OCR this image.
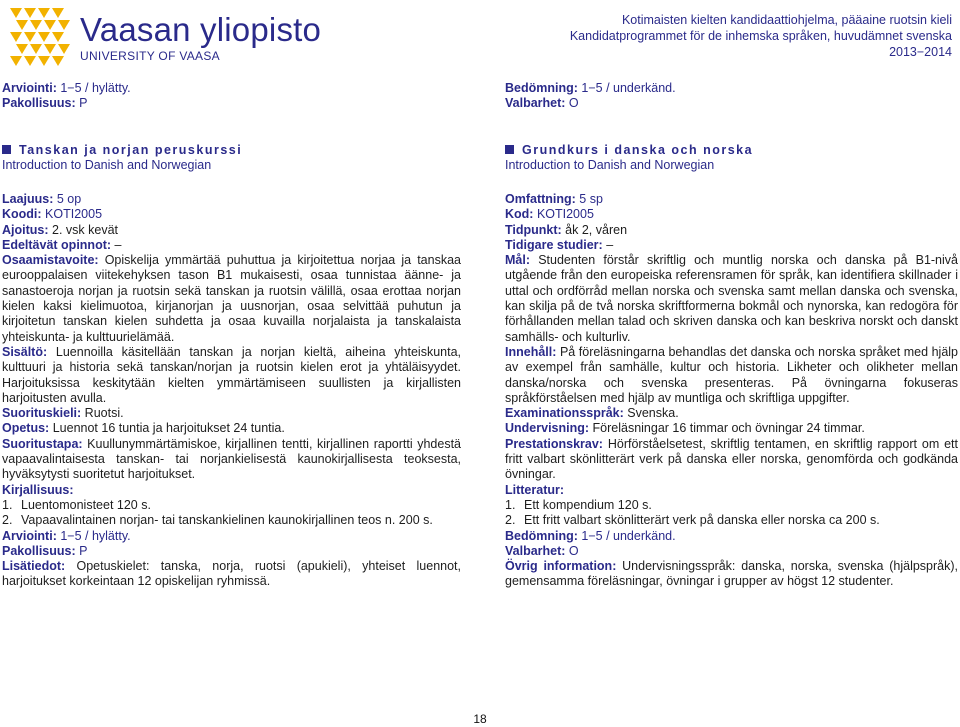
Vaasan yliopisto
UNIVERSITY OF VAASA
Kotimaisten kielten kandidaattiohjelma, pääaine ruotsin kieli
Kandidatprogrammet för de inhemska språken, huvudämnet svenska
2013−2014
Arviointi: 1−5 / hylätty.
Pakollisuus: P
Tanskan ja norjan peruskurssi
Introduction to Danish and Norwegian
Laajuus: 5 op
Koodi: KOTI2005
Ajoitus: 2. vsk kevät
Edeltävät opinnot: –
Osaamistavoite: Opiskelija ymmärtää puhuttua ja kirjoitettua norjaa ja tanskaa eurooppalaisen viitekehyksen tason B1 mukaisesti, osaa tunnistaa äänne- ja sanastoeroja norjan ja ruotsin sekä tanskan ja ruotsin välillä, osaa erottaa norjan kielen kaksi kielimuotoa, kirjanorjan ja uusnorjan, osaa selvittää puhutun ja kirjoitetun tanskan kielen suhdetta ja osaa kuvailla norjalaista ja tanskalaista yhteiskunta- ja kulttuurielämää.
Sisältö: Luennoilla käsitellään tanskan ja norjan kieltä, aiheina yhteiskunta, kulttuuri ja historia sekä tanskan/norjan ja ruotsin kielen erot ja yhtäläisyydet. Harjoituksissa keskitytään kielten ymmärtämiseen suullisten ja kirjallisten harjoitusten avulla.
Suorituskieli: Ruotsi.
Opetus: Luennot 16 tuntia ja harjoitukset 24 tuntia.
Suoritustapa: Kuullunymmärtämiskoe, kirjallinen tentti, kirjallinen raportti yhdestä vapaavalintaisesta tanskan- tai norjankielisestä kaunokirjallisesta teoksesta, hyväksytysti suoritetut harjoitukset.
Kirjallisuus:
1. Luentomonisteet 120 s.
2. Vapaavalintainen norjan- tai tanskankielinen kaunokirjallinen teos n. 200 s.
Arviointi: 1−5 / hylätty.
Pakollisuus: P
Lisätiedot: Opetuskielet: tanska, norja, ruotsi (apukieli), yhteiset luennot, harjoitukset korkeintaan 12 opiskelijan ryhmissä.
Bedömning: 1−5 / underkänd.
Valbarhet: O
Grundkurs i danska och norska
Introduction to Danish and Norwegian
Omfattning: 5 sp
Kod: KOTI2005
Tidpunkt: åk 2, våren
Tidigare studier: –
Mål: Studenten förstår skriftlig och muntlig norska och danska på B1-nivå utgående från den europeiska referensramen för språk, kan identifiera skillnader i uttal och ordförråd mellan norska och svenska samt mellan danska och svenska, kan skilja på de två norska skriftformerna bokmål och nynorska, kan redogöra för förhållanden mellan talad och skriven danska och kan beskriva norskt och danskt samhälls- och kulturliv.
Innehåll: På föreläsningarna behandlas det danska och norska språket med hjälp av exempel från samhälle, kultur och historia. Likheter och olikheter mellan danska/norska och svenska presenteras. På övningarna fokuseras språkförståelsen med hjälp av muntliga och skriftliga uppgifter.
Examinationsspråk: Svenska.
Undervisning: Föreläsningar 16 timmar och övningar 24 timmar.
Prestationskrav: Hörförståelsetest, skriftlig tentamen, en skriftlig rapport om ett fritt valbart skönlitterärt verk på danska eller norska, genomförda och godkända övningar.
Litteratur:
1. Ett kompendium 120 s.
2. Ett fritt valbart skönlitterärt verk på danska eller norska ca 200 s.
Bedömning: 1−5 / underkänd.
Valbarhet: O
Övrig information: Undervisningsspråk: danska, norska, svenska (hjälpspråk), gemensamma föreläsningar, övningar i grupper av högst 12 studenter.
18
